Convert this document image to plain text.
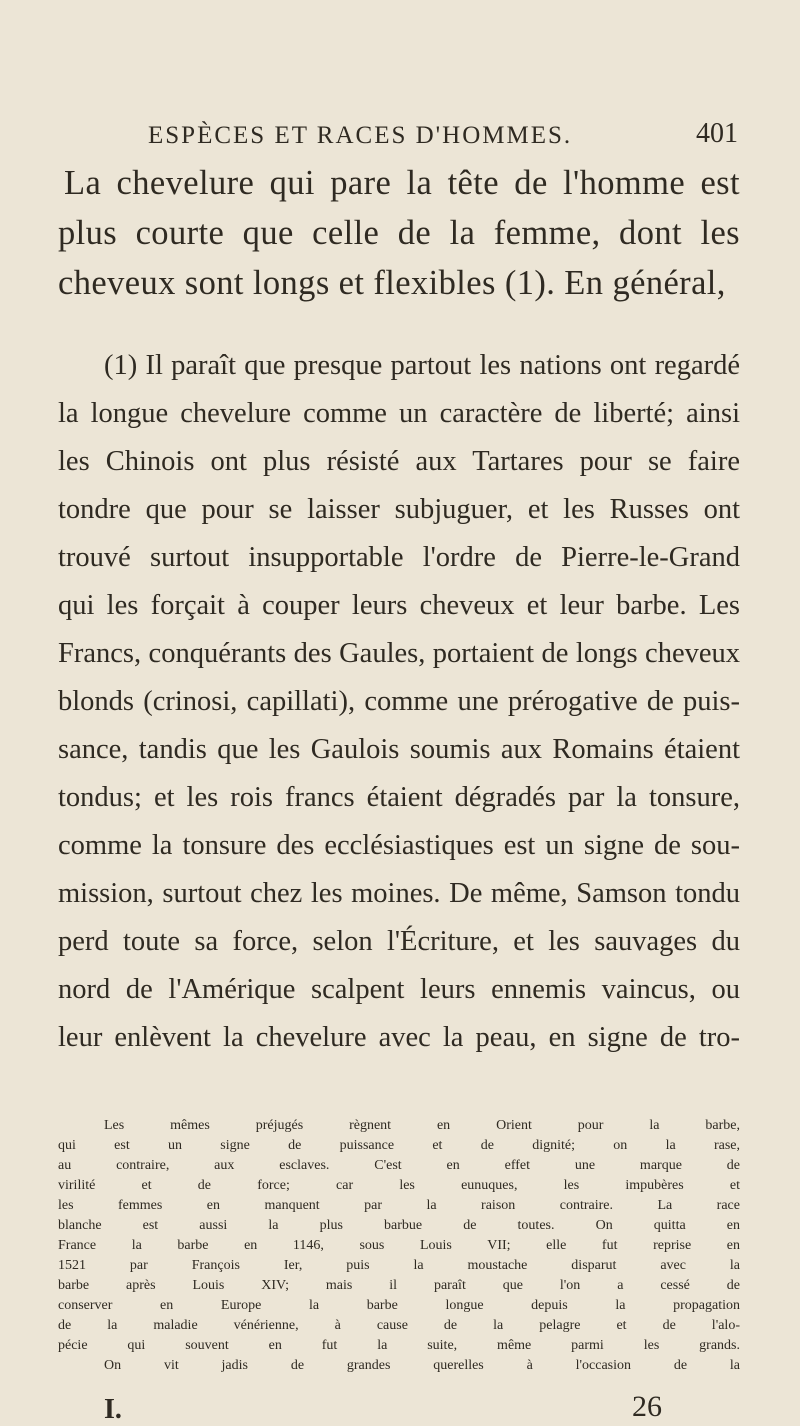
ESPÈCES ET RACES D'HOMMES.	401
La chevelure qui pare la tête de l'homme est
plus courte que celle de la femme, dont les
cheveux sont longs et flexibles (1). En général,
(1) Il paraît que presque partout les nations ont regardé
la longue chevelure comme un caractère de liberté; ainsi
les Chinois ont plus résisté aux Tartares pour se faire
tondre que pour se laisser subjuguer, et les Russes ont
trouvé surtout insupportable l'ordre de Pierre-le-Grand
qui les forçait à couper leurs cheveux et leur barbe. Les
Francs, conquérants des Gaules, portaient de longs cheveux
blonds (crinosi, capillati), comme une prérogative de puis-
sance, tandis que les Gaulois soumis aux Romains étaient
tondus; et les rois francs étaient dégradés par la tonsure,
comme la tonsure des ecclésiastiques est un signe de sou-
mission, surtout chez les moines. De même, Samson tondu
perd toute sa force, selon l'Écriture, et les sauvages du
nord de l'Amérique scalpent leurs ennemis vaincus, ou
leur enlèvent la chevelure avec la peau, en signe de tro-
Les mêmes préjugés règnent en Orient pour la barbe,
qui est un signe de puissance et de dignité; on la rase,
au contraire, aux esclaves. C'est en effet une marque de
virilité et de force; car les eunuques, les impubères et
les femmes en manquent par la raison contraire. La race
blanche est aussi la plus barbue de toutes. On quitta en
France la barbe en 1146, sous Louis VII; elle fut reprise en
1521 par François Ier, puis la moustache disparut avec la
barbe après Louis XIV; mais il paraît que l'on a cessé de
conserver en Europe la barbe longue depuis la propagation
de la maladie vénérienne, à cause de la pelagre et de l'alo-
pécie qui souvent en fut la suite, même parmi les grands.
On vit jadis de grandes querelles à l'occasion de la
I.	26
